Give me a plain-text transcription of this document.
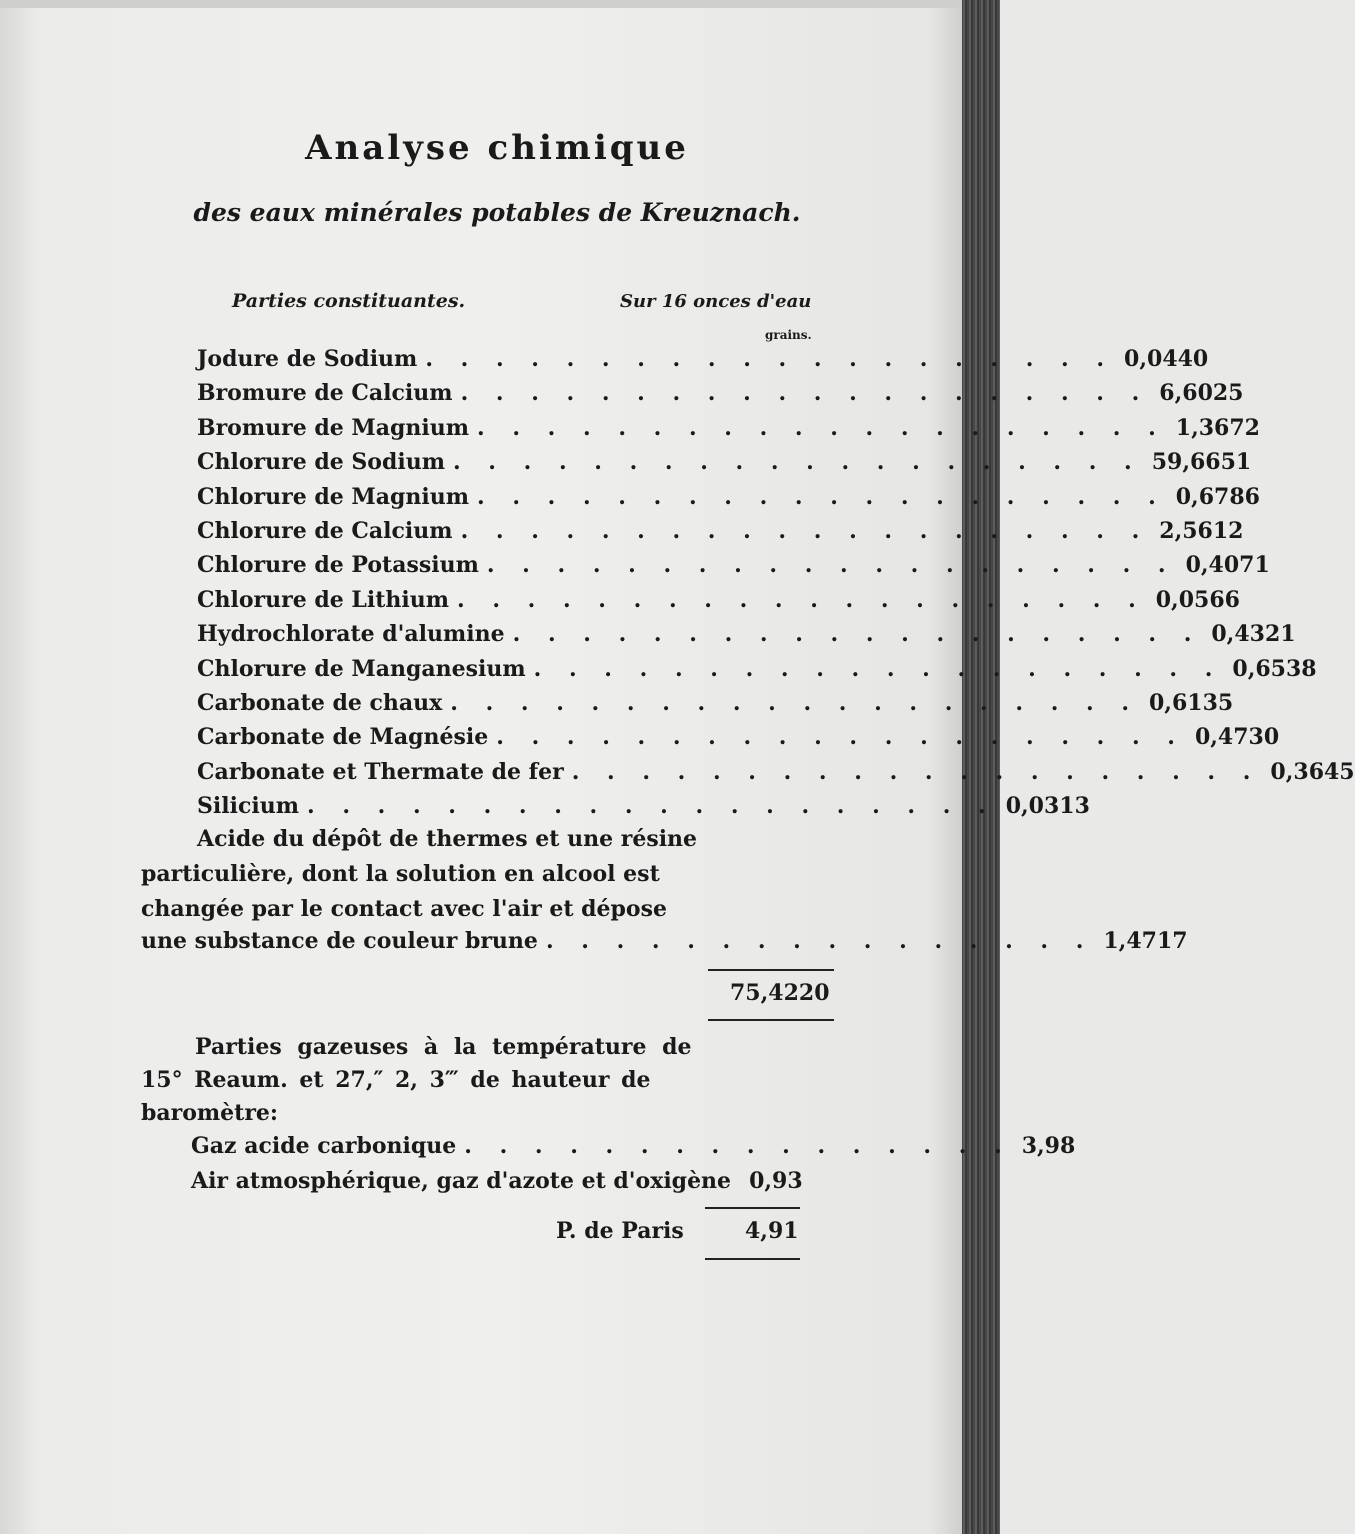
Analyse chimique
des eaux minérales potables de Kreuznach.
Parties constituantes.	Sur 16 onces d'eau
grains.
Jodure de Sodium . . . . . . . . . . . . . . . . . . . . 0,0440
Bromure de Calcium . . . . . . . . . . . . . . . . . . . . 6,6025
Bromure de Magnium . . . . . . . . . . . . . . . . . . . . 1,3672
Chlorure de Sodium . . . . . . . . . . . . . . . . . . . . 59,6651
Chlorure de Magnium . . . . . . . . . . . . . . . . . . . . 0,6786
Chlorure de Calcium . . . . . . . . . . . . . . . . . . . . 2,5612
Chlorure de Potassium . . . . . . . . . . . . . . . . . . . . 0,4071
Chlorure de Lithium . . . . . . . . . . . . . . . . . . . . 0,0566
Hydrochlorate d'alumine . . . . . . . . . . . . . . . . . . . . 0,4321
Chlorure de Manganesium . . . . . . . . . . . . . . . . . . . . 0,6538
Carbonate de chaux . . . . . . . . . . . . . . . . . . . . 0,6135
Carbonate de Magnésie . . . . . . . . . . . . . . . . . . . . 0,4730
Carbonate et Thermate de fer . . . . . . . . . . . . . . . . . . . . 0,3645
Silicium . . . . . . . . . . . . . . . . . . . . 0,0313
Acide du dépôt de thermes et une résine
particulière, dont la solution en alcool est
changée par le contact avec l'air et dépose
une substance de couleur brune . . . . . . . . . . . . . . . . 1,4717
75,4220
Parties gazeuses à la température de
15° Reaum. et 27,″ 2, 3‴ de hauteur de
baromètre:
Gaz acide carbonique . . . . . . . . . . . . . . . . 3,98
Air atmosphérique, gaz d'azote et d'oxigène 0,93
P. de Paris	4,91
